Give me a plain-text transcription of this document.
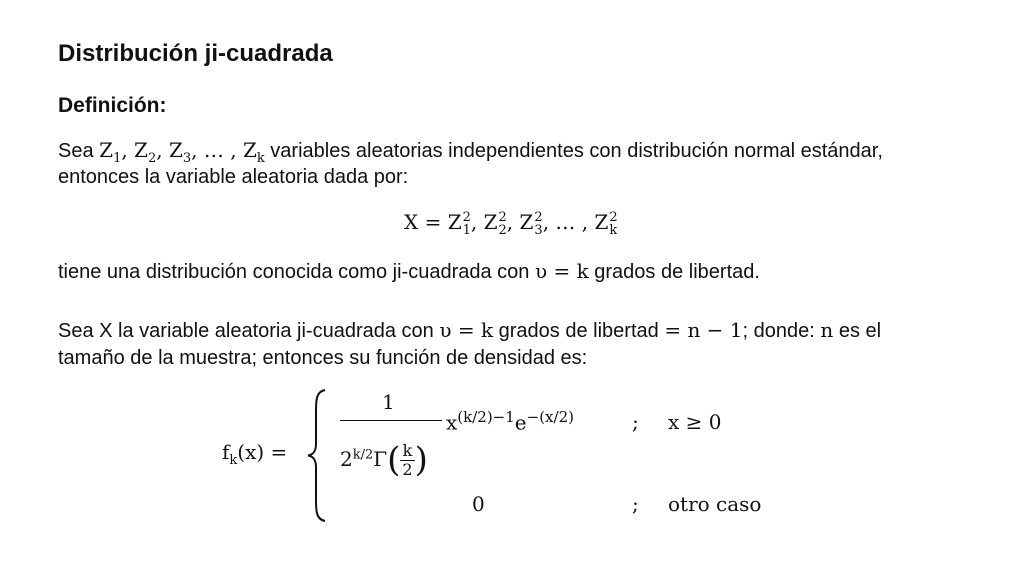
Distribución ji-cuadrada
Definición:
Sea $Z_1$, $Z_2$, $Z_3$, … , $Z_k$ variables aleatorias independientes con distribución normal estándar,
entonces la variable aleatoria dada por:
X = Z 2
1 , Z 2
2 , Z 2
3 , … , Z 2
k
tiene una distribución conocida como ji-cuadrada con υ = k grados de libertad.
Sea X la variable aleatoria ji-cuadrada con υ = k grados de libertad = n − 1; donde: n es el
tamaño de la muestra; entonces su función de densidad es:
$f_k(x)$ =
1
$2^{k/2}\Gamma( \frac{k}{2}$ )
$x^{(k/2)-1}e^{-(x/2)}$	; x ≥ 0
0	; otro caso
